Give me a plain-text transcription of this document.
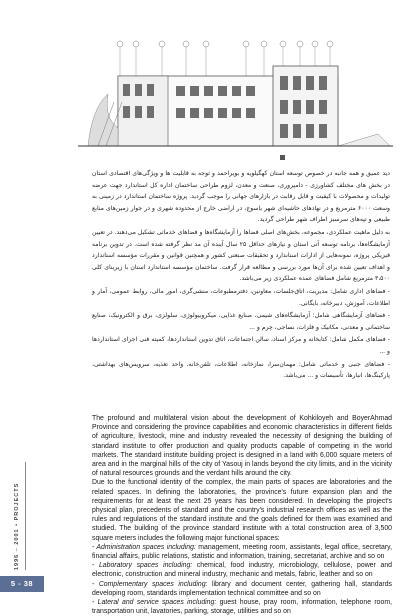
1996 – 2001 • PROJECTS
5 - 38

دید عمیق و همه جانبه در خصوص توسعه استان کهگیلویه و بویراحمد و توجه به قابلیت ها و ویژگی‌های اقتصادی استان در بخش های مختلف کشاورزی - دامپروری، صنعت و معدن، لزوم طراحی ساختمان اداره کل استاندارد جهت عرضه تولیدات و محصولات با کیفیت و قابل رقابت در بازارهای جهانی را موجب گردید. پروژه ساختمان استاندارد در زمینی به وسعت ۶۰۰۰ مترمربع و در نهادهای حاشیه‌ای شهر یاسوج، در اراضی خارج از محدوده شهری و در جوار زمین‌های منابع طبیعی و تپه‌های سرسبز اطراف شهر طراحی گردید.

به دلیل ماهیت عملکردی، مجموعه، بخش‌های اصلی فضاها را آزمایشگاه‌ها و فضاهای خدماتی تشکیل می‌دهند. در تعیین آزمایشگاه‌ها، برنامه توسعه آتی استان و نیازهای حداقل ۲۵ سال آینده آن مد نظر گرفته شده است. در تدوین برنامه فیزیکی پروژه، نمونه‌هایی از ادارات استاندارد و تحقیقات صنعتی کشور و همچنین قوانین و مقررات مؤسسه استاندارد و اهداف تعیین شده برای آن‌ها مورد بررسی و مطالعه قرار گرفت. ساختمان مؤسسه استاندارد استان با زیربنای کلی ۳،۵۰۰ مترمربع شامل فضاهای عمده عملکردی زیر می‌باشد.

- فضاهای اداری شامل: مدیریت، اتاق‌جلسات، معاونین، دفترمطبوعات، منشی‌گری، امور مالی، روابط عمومی، آمار و اطلاعات، آموزش، دبیرخانه، بایگانی.

- فضاهای آزمایشگاهی شامل: آزمایشگاه‌های شیمی، صنایع غذایی، میکروبیولوژی، سلولزی، برق و الکترونیک، صنایع ساختمانی و معدنی، مکانیک و فلزات، نساجی، چرم و ...

- فضاهای مکمل شامل: کتابخانه و مرکز اسناد، سالن اجتماعات، اتاق تدوین استانداردها، کمیته فنی اجرای استانداردها و ...

- فضاهای جنبی و خدماتی شامل: مهمان‌سرا، نمازخانه، اطلاعات، تلفن‌خانه، واحد تغذیه، سرویس‌های بهداشتی، پارکینگ‌ها، انبارها، تأسیسات و ... می‌باشد.

The profound and multilateral vision about the development of Kohkiloyeh and BoyerAhmad Province and considering the province capabilities and economic characteristics in different fields of agriculture, livestock, mine and industry revealed the necessity of designing the building of standard institute to offer production and quality products capable of competing in the world markets. The standard institute building project is designed in a land with 6,000 square meters of area and in the marginal hills of the city of Yasouj in lands beyond the city limits, and in the vicinity of natural resources grounds and the verdant hills around the city.

Due to the functional identity of the complex, the main parts of spaces are laboratories and the related spaces. In defining the laboratories, the province's future expansion plan and the requirements for at least the next 25 years has been considered. In developing the project's physical plan, precedents of standard and the country's industrial research offices as well as the rules and regulations of the standard institute and the goals defined for them was examined and studied. The building of the province standard institute with a total construction area of 3,500 square meters includes the following major functional spaces:

- Administration spaces including: management, meeting room, assistants, legal office, secretary, financial affairs, public relations, statistic and information, training, secretariat, archive and so on

- Laboratory spaces including: chemical, food industry, microbiology, cellulose, power and electronic, construction and mineral industry, mechanic and metals, fabric, leather and so on

- Complementary spaces including: library and document center, gathering hall, standards developing room, standards implementation technical committee and so on

- Lateral and service spaces including: guest house, pray room, information, telephone room, transportation unit, lavatories, parking, storage, utilities and so on
